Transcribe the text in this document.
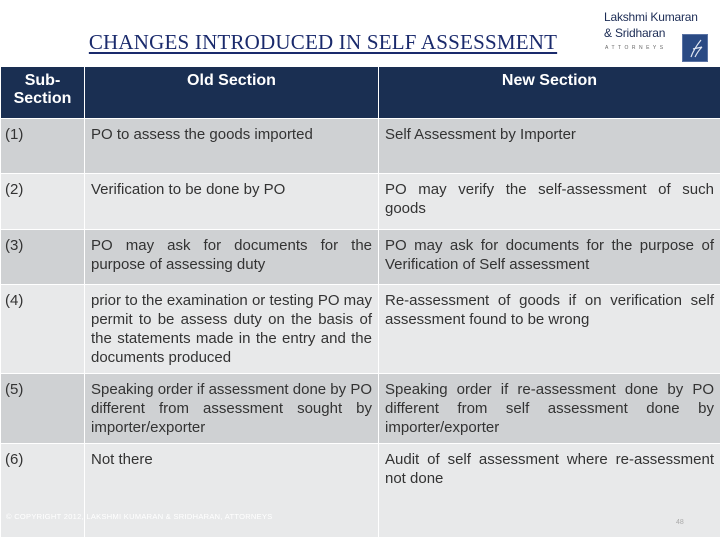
CHANGES INTRODUCED IN SELF ASSESSMENT
Lakshmi Kumaran
& Sridharan
ATTORNEYS
Sub-Section	Old Section	New Section
(1)	PO to assess the goods imported	Self Assessment by Importer
(2)	Verification to be done by PO	PO may verify the self-assessment of such goods
(3)	PO may ask for documents for the purpose of assessing duty	PO may ask for documents for the purpose of Verification of Self assessment
(4)	prior to the examination or testing PO may permit to be assess duty on the basis of the statements made in the entry and the documents produced	Re-assessment of goods if on verification self assessment found to be wrong
(5)	Speaking order if assessment done by PO different from assessment sought by importer/exporter	Speaking order if re-assessment done by PO different from self assessment done by importer/exporter
(6)	Not there	Audit of self assessment where re-assessment not done
© COPYRIGHT 2012, LAKSHMI KUMARAN & SRIDHARAN, ATTORNEYS
48
